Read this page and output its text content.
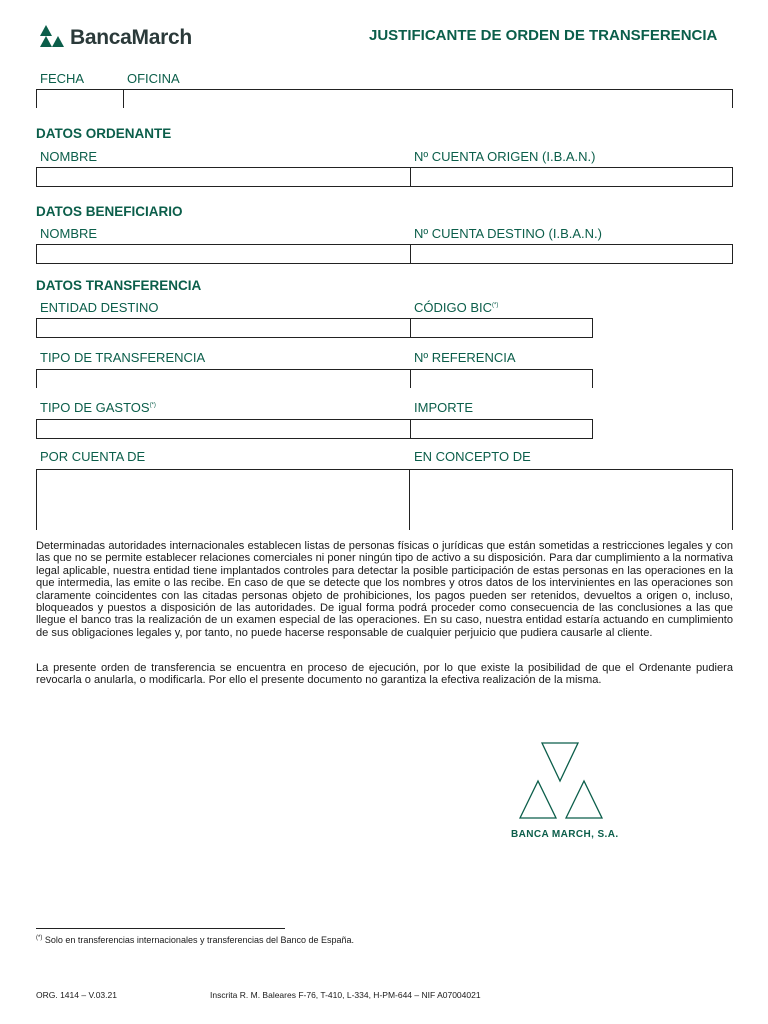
BancaMarch	JUSTIFICANTE DE ORDEN DE TRANSFERENCIA
FECHA	OFICINA
DATOS ORDENANTE
NOMBRE	Nº CUENTA ORIGEN (I.B.A.N.)
DATOS BENEFICIARIO
NOMBRE	Nº CUENTA DESTINO (I.B.A.N.)
DATOS TRANSFERENCIA
ENTIDAD DESTINO	CÓDIGO BIC(*)
TIPO DE TRANSFERENCIA	Nº REFERENCIA
TIPO DE GASTOS(*)	IMPORTE
POR CUENTA DE	EN CONCEPTO DE
Determinadas autoridades internacionales establecen listas de personas físicas o jurídicas que están sometidas a restricciones legales y con las que no se permite establecer relaciones comerciales ni poner ningún tipo de activo a su disposición. Para dar cumplimiento a la normativa legal aplicable, nuestra entidad tiene implantados controles para detectar la posible participación de estas personas en las operaciones en la que intermedia, las emite o las recibe. En caso de que se detecte que los nombres y otros datos de los intervinientes en las operaciones son claramente coincidentes con las citadas personas objeto de prohibiciones, los pagos pueden ser retenidos, devueltos a origen o, incluso, bloqueados y puestos a disposición de las autoridades. De igual forma podrá proceder como consecuencia de las conclusiones a las que llegue el banco tras la realización de un examen especial de las operaciones. En su caso, nuestra entidad estaría actuando en cumplimiento de sus obligaciones legales y, por tanto, no puede hacerse responsable de cualquier perjuicio que pudiera causarle al cliente.
La presente orden de transferencia se encuentra en proceso de ejecución, por lo que existe la posibilidad de que el Ordenante pudiera revocarla o anularla, o modificarla. Por ello el presente documento no garantiza la efectiva realización de la misma.
BANCA MARCH, S.A.
(*) Solo en transferencias internacionales y transferencias del Banco de España.
ORG. 1414 – V.03.21	Inscrita R. M. Baleares F-76, T-410, L-334, H-PM-644 – NIF A07004021
